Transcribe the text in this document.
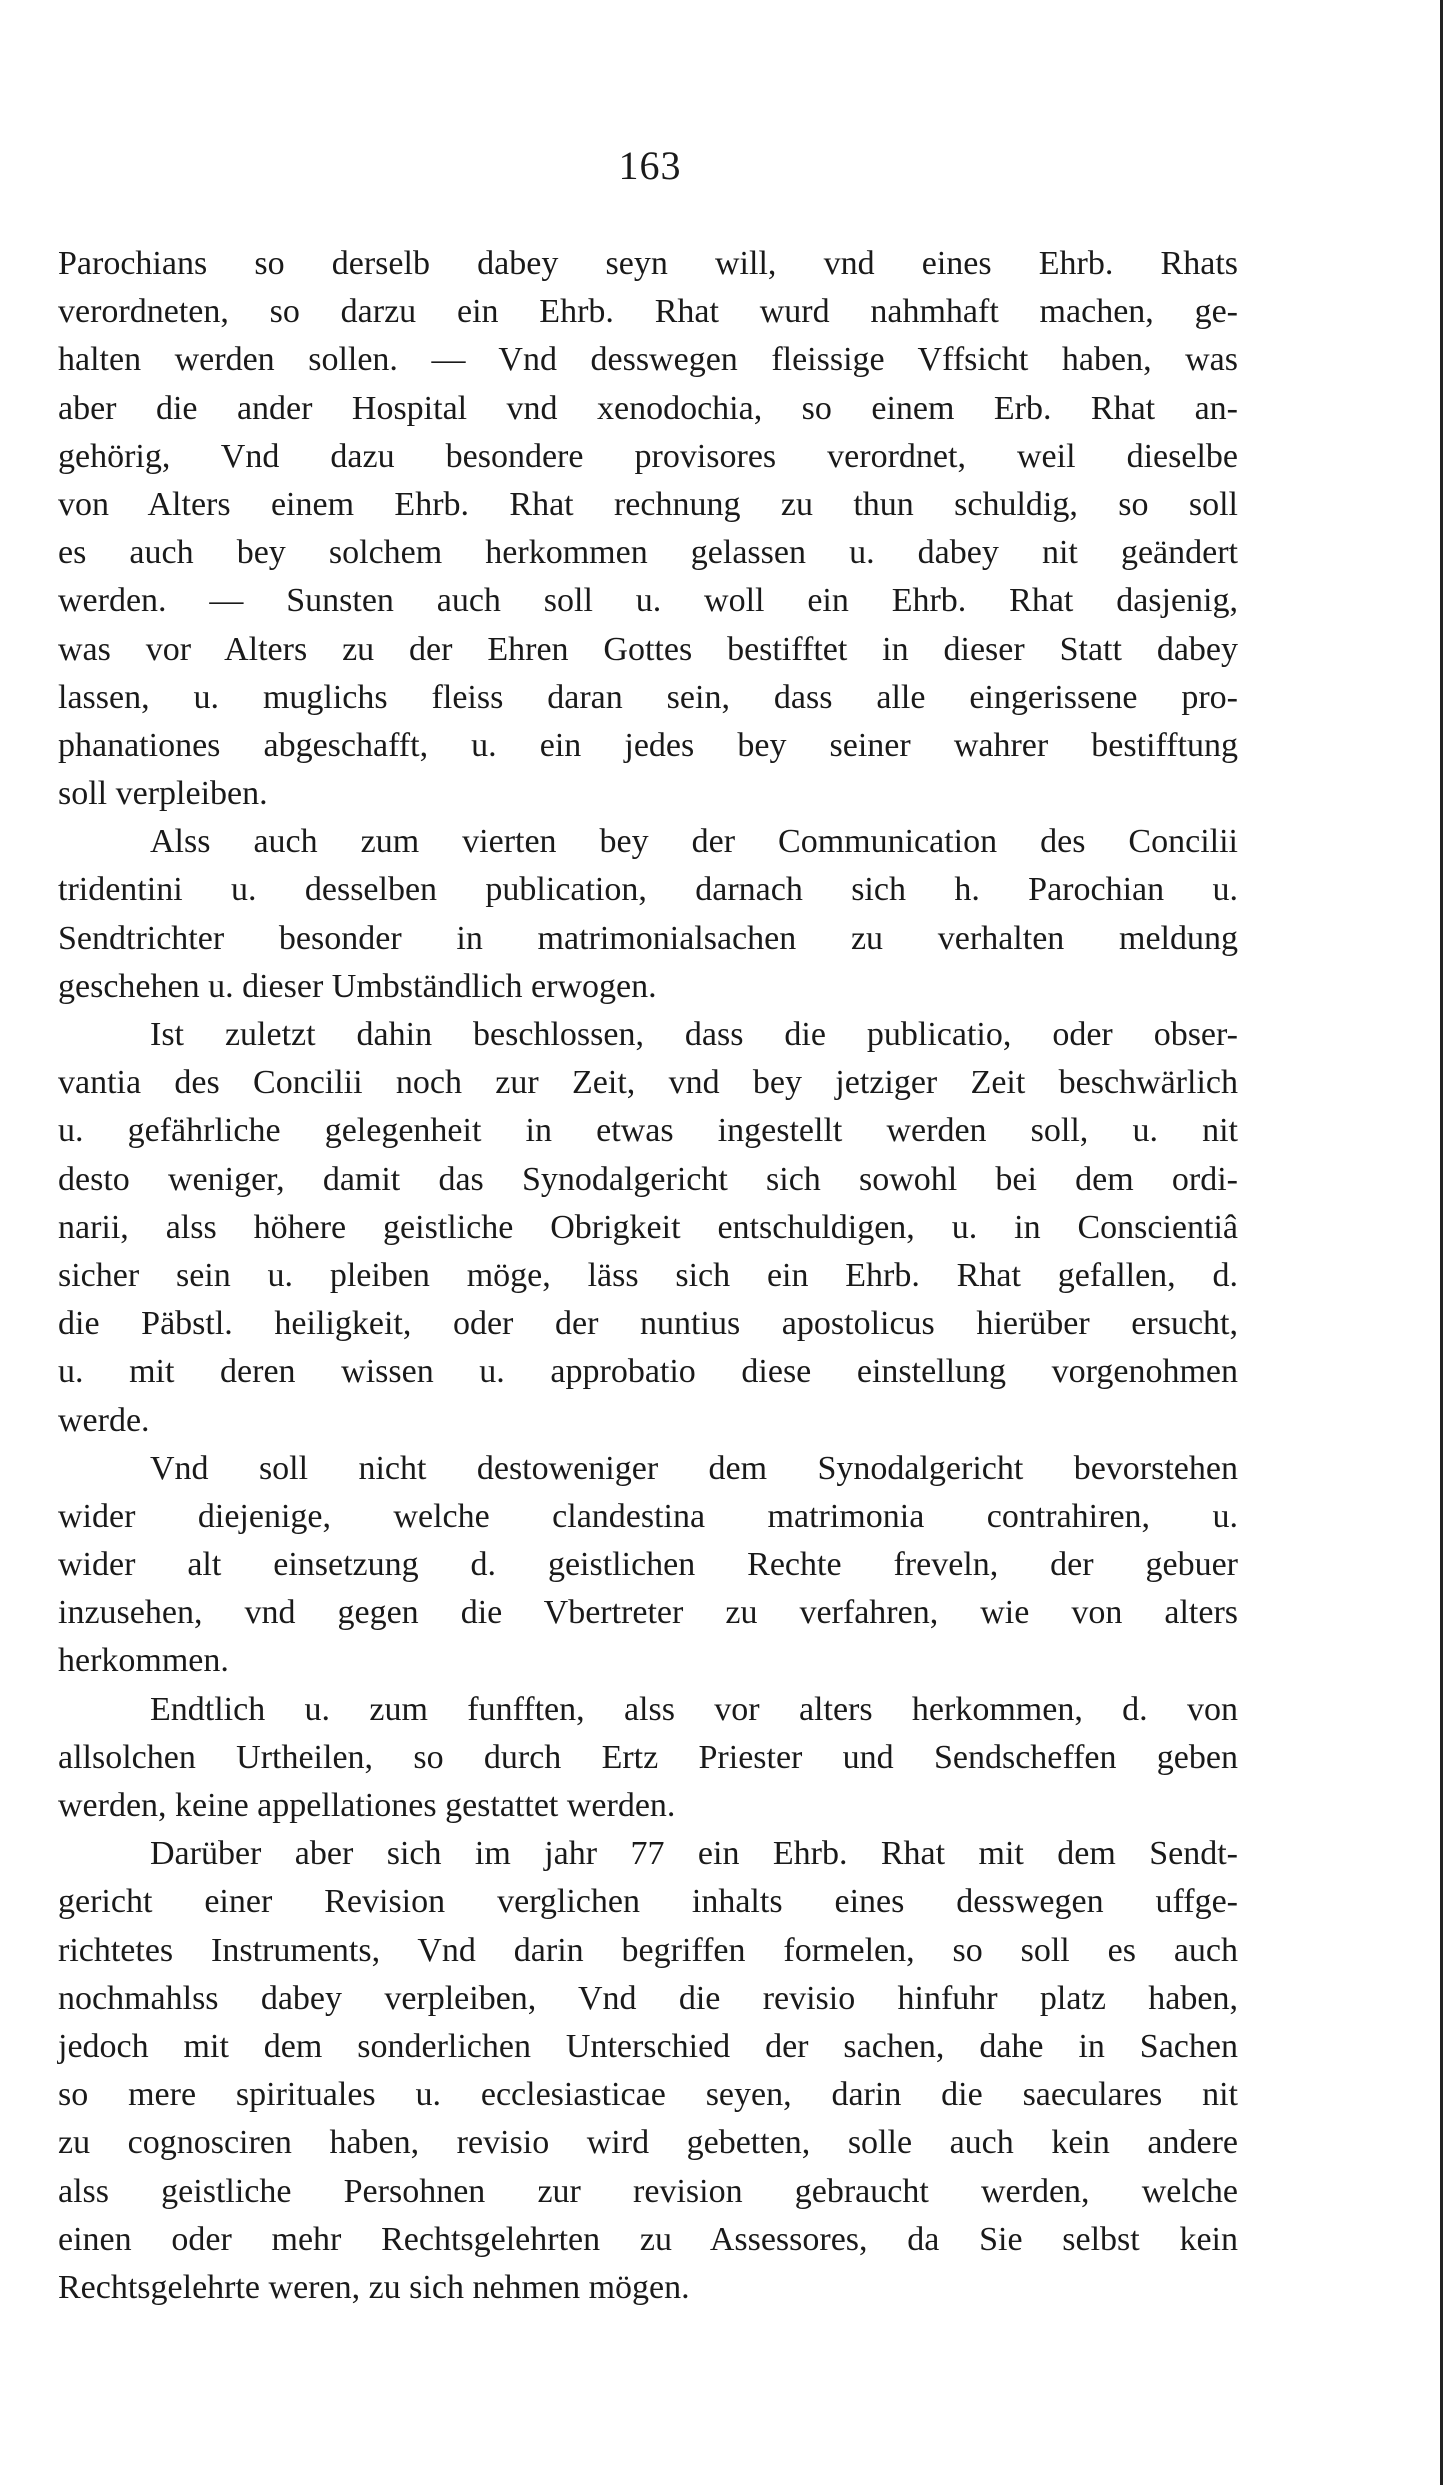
163
Parochians so derselb dabey seyn will, vnd eines Ehrb. Rhats
verordneten, so darzu ein Ehrb. Rhat wurd nahmhaft machen, ge-
halten werden sollen. — Vnd desswegen fleissige Vffsicht haben, was
aber die ander Hospital vnd xenodochia, so einem Erb. Rhat an-
gehörig, Vnd dazu besondere provisores verordnet, weil dieselbe
von Alters einem Ehrb. Rhat rechnung zu thun schuldig, so soll
es auch bey solchem herkommen gelassen u. dabey nit geändert
werden. — Sunsten auch soll u. woll ein Ehrb. Rhat dasjenig,
was vor Alters zu der Ehren Gottes bestifftet in dieser Statt dabey
lassen, u. muglichs fleiss daran sein, dass alle eingerissene pro-
phanationes abgeschafft, u. ein jedes bey seiner wahrer bestifftung
soll verpleiben.
Alss auch zum vierten bey der Communication des Concilii
tridentini u. desselben publication, darnach sich h. Parochian u.
Sendtrichter besonder in matrimonialsachen zu verhalten meldung
geschehen u. dieser Umbständlich erwogen.
Ist zuletzt dahin beschlossen, dass die publicatio, oder obser-
vantia des Concilii noch zur Zeit, vnd bey jetziger Zeit beschwärlich
u. gefährliche gelegenheit in etwas ingestellt werden soll, u. nit
desto weniger, damit das Synodalgericht sich sowohl bei dem ordi-
narii, alss höhere geistliche Obrigkeit entschuldigen, u. in Conscientiâ
sicher sein u. pleiben möge, läss sich ein Ehrb. Rhat gefallen, d.
die Päbstl. heiligkeit, oder der nuntius apostolicus hierüber ersucht,
u. mit deren wissen u. approbatio diese einstellung vorgenohmen
werde.
Vnd soll nicht destoweniger dem Synodalgericht bevorstehen
wider diejenige, welche clandestina matrimonia contrahiren, u.
wider alt einsetzung d. geistlichen Rechte freveln, der gebuer
inzusehen, vnd gegen die Vbertreter zu verfahren, wie von alters
herkommen.
Endtlich u. zum funfften, alss vor alters herkommen, d. von
allsolchen Urtheilen, so durch Ertz Priester und Sendscheffen geben
werden, keine appellationes gestattet werden.
Darüber aber sich im jahr 77 ein Ehrb. Rhat mit dem Sendt-
gericht einer Revision verglichen inhalts eines desswegen uffge-
richtetes Instruments, Vnd darin begriffen formelen, so soll es auch
nochmahlss dabey verpleiben, Vnd die revisio hinfuhr platz haben,
jedoch mit dem sonderlichen Unterschied der sachen, dahe in Sachen
so mere spirituales u. ecclesiasticae seyen, darin die saeculares nit
zu cognosciren haben, revisio wird gebetten, solle auch kein andere
alss geistliche Persohnen zur revision gebraucht werden, welche
einen oder mehr Rechtsgelehrten zu Assessores, da Sie selbst kein
Rechtsgelehrte weren, zu sich nehmen mögen.
